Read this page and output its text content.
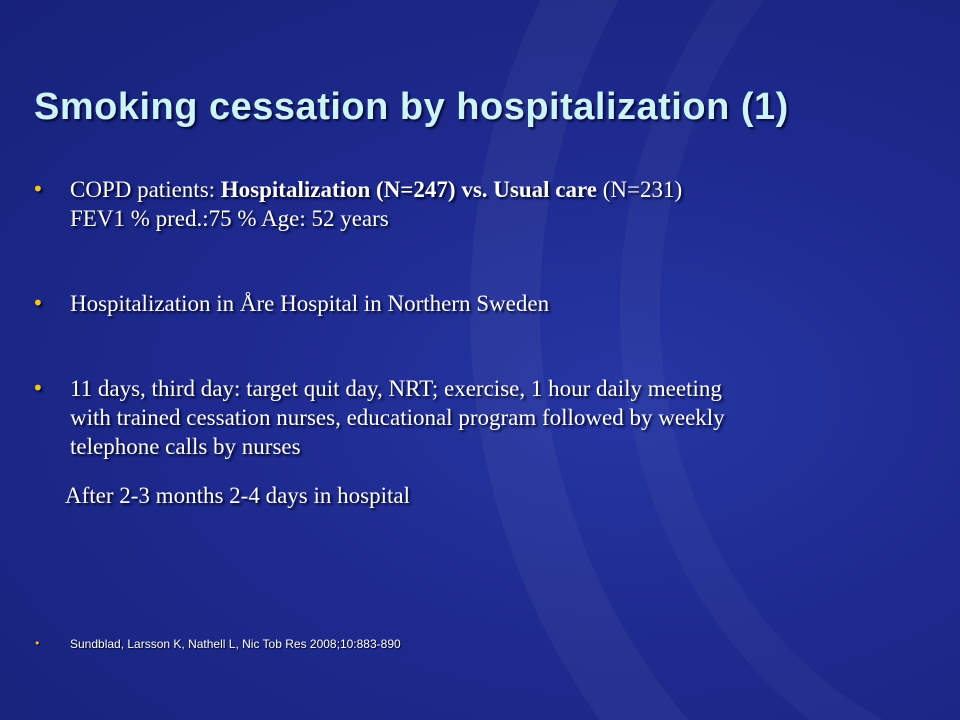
Smoking cessation by hospitalization (1)
• COPD patients: Hospitalization (N=247) vs. Usual care (N=231)
FEV1 % pred.:75 % Age: 52 years
• Hospitalization in Åre Hospital in Northern Sweden
• 11 days, third day: target quit day, NRT; exercise, 1 hour daily meeting
with trained cessation nurses, educational program followed by weekly
telephone calls by nurses
After 2-3 months 2-4 days in hospital
• Sundblad, Larsson K, Nathell L, Nic Tob Res 2008;10:883-890
